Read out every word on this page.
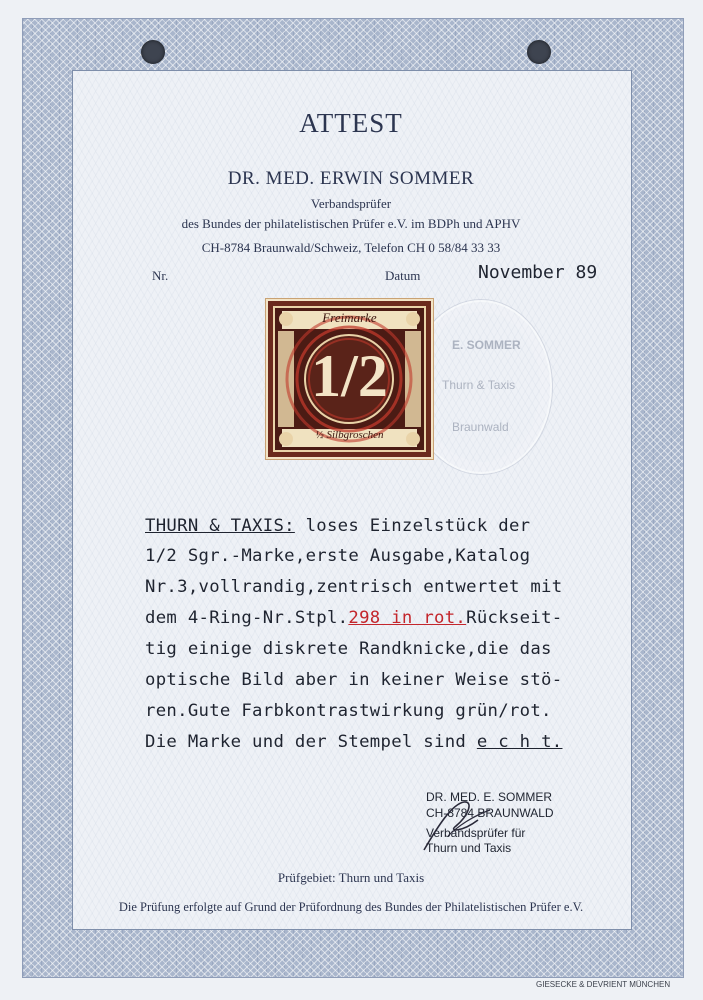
ATTEST
DR. MED. ERWIN SOMMER
Verbandsprüfer
des Bundes der philatelistischen Prüfer e.V. im BDPh und APHV
CH-8784 Braunwald/Schweiz, Telefon CH 0 58/84 33 33
Nr.	Datum	November 89
E. SOMMER
Thurn & Taxis
Braunwald
Freimarke
1/2
½ Silbgroschen
THURN & TAXIS: loses Einzelstück der
1/2 Sgr.-Marke,erste Ausgabe,Katalog
Nr.3,vollrandig,zentrisch entwertet mit
dem 4-Ring-Nr.Stpl.298 in rot.Rückseit-
tig einige diskrete Randknicke,die das
optische Bild aber in keiner Weise stö-
ren.Gute Farbkontrastwirkung grün/rot.
Die Marke und der Stempel sind e c h t.
DR. MED. E. SOMMER
CH-8784 BRAUNWALD
Verbandsprüfer für
Thurn und Taxis
Prüfgebiet: Thurn und Taxis
Die Prüfung erfolgte auf Grund der Prüfordnung des Bundes der Philatelistischen Prüfer e.V.
GIESECKE & DEVRIENT MÜNCHEN
